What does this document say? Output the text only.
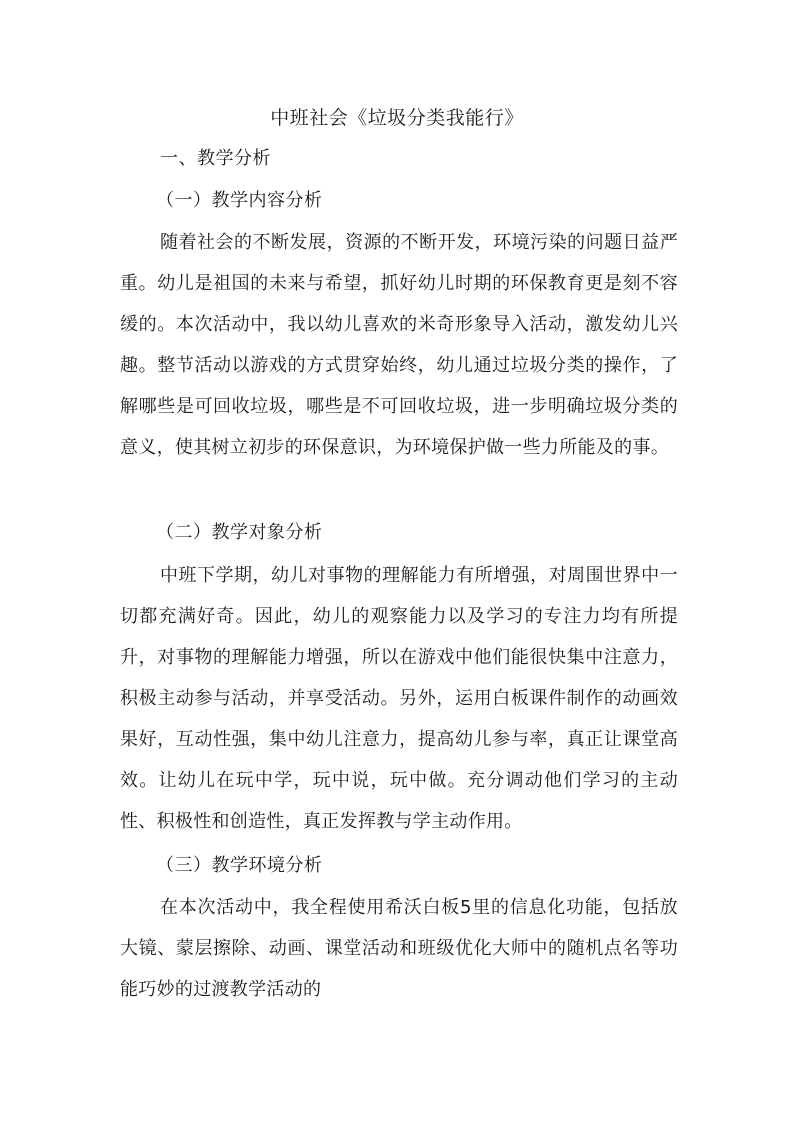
中班社会《垃圾分类我能行》
一、教学分析
（一）教学内容分析

随着社会的不断发展，资源的不断开发，环境污染的问题日益严重。幼儿是祖国的未来与希望，抓好幼儿时期的环保教育更是刻不容缓的。本次活动中，我以幼儿喜欢的米奇形象导入活动，激发幼儿兴趣。整节活动以游戏的方式贯穿始终，幼儿通过垃圾分类的操作，了解哪些是可回收垃圾，哪些是不可回收垃圾，进一步明确垃圾分类的意义，使其树立初步的环保意识，为环境保护做一些力所能及的事。

（二）教学对象分析

中班下学期，幼儿对事物的理解能力有所增强，对周围世界中一切都充满好奇。因此，幼儿的观察能力以及学习的专注力均有所提升，对事物的理解能力增强，所以在游戏中他们能很快集中注意力，积极主动参与活动，并享受活动。另外，运用白板课件制作的动画效果好，互动性强，集中幼儿注意力，提高幼儿参与率，真正让课堂高效。让幼儿在玩中学，玩中说，玩中做。充分调动他们学习的主动性、积极性和创造性，真正发挥教与学主动作用。

（三）教学环境分析

在本次活动中，我全程使用希沃白板5里的信息化功能，包括放大镜、蒙层擦除、动画、课堂活动和班级优化大师中的随机点名等功能巧妙的过渡教学活动的
